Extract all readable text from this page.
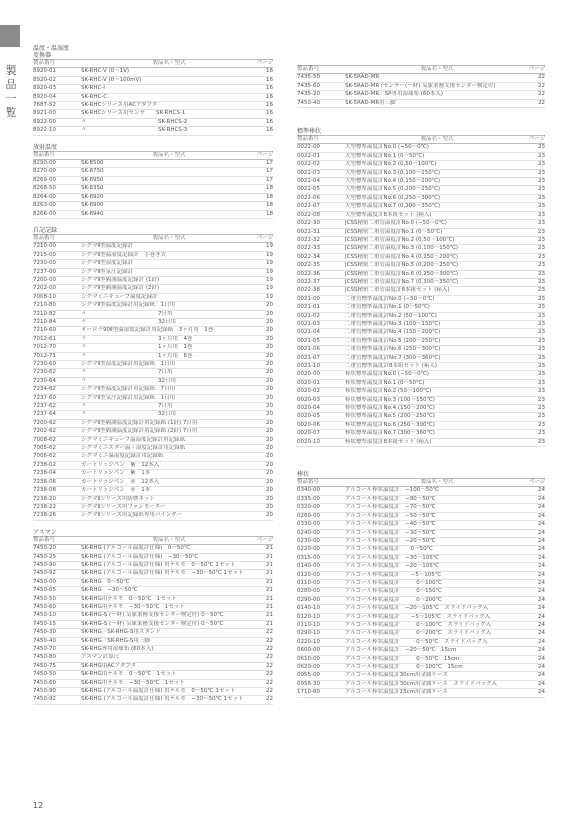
製
品
一
覧
温度・温湿度
変換器
製品番号	製品名・型式	ページ
8920-01	SK-RHC-V (0〜1V)	16
8920-02	SK-RHC-V (0〜100mV)	16
8920-03	SK-RHC-I	16
8920-04	SK-RHC-C	16
7687-52	SK-RHCシリーズ用ACアダプタ	16
8921-00	SK-RHCシリーズ用センサ　　SK-RHCS-1	16
8922-00	〃　　　　　　　　　　　　　SK-RHCS-2	16
8922-10	〃　　　　　　　　　　　　　SK-RHCS-3	16
放射温度
製品番号	製品名・型式	ページ
8290-00	SK-8500	17
8270-00	SK-8750	17
8269-00	SK-8950	17
8268-50	SK-8350	18
8264-00	SK-8920	18
8263-00	SK-8900	18
8266-00	SK-8940	18
自記記録
製品番号	製品名・型式	ページ
7210-00	シグマⅡ型温度記録計	19
7215-00	シグマⅡ型温湿度記録計　手巻き式	19
7230-00	シグマⅡ型湿度記録計	19
7237-00	シグマⅡ型気圧記録計	19
7200-00	シグマⅡ型隔測温度記録計 (1針)	19
7202-00	シグマⅡ型隔測温度記録計 (2針)	19
7008-10	シグマミニキューブ温度記録計	19
7210-80	シグマⅡ型温度記録計用記録紙　1日用	20
7210-82	〃　　　　　　　　　　　　　7日用	20
7210-84	〃　　　　　　　　　　　　　32日用	20
7210-60	オーロラ90Ⅱ型温湿度記録計用記録紙　3ヶ月用　1巻	20
7012-61	〃　　　　　　　　　　　　　3ヶ月用　4巻	20
7012-70	〃　　　　　　　　　　　　　1ヶ月用　1巻	20
7012-71	〃　　　　　　　　　　　　　1ヶ月用　6巻	20
7230-60	シグマⅡ型湿度記録計用記録紙　1日用	20
7230-62	〃　　　　　　　　　　　　　7日用	20
7230-64	〃　　　　　　　　　　　　　32日用	20
7234-62	シグマⅡ型温度記録計用記録紙　7日用	20
7237-60	シグマⅡ型気圧記録計用記録紙　1日用	20
7237-62	〃　　　　　　　　　　　　　7日用	20
7237-64	〃　　　　　　　　　　　　　32日用	20
7200-62	シグマⅡ型隔測温度記録計用記録紙 (1針) 7日用	20
7202-62	シグマⅡ型隔測温度記録計用記録紙 (2針) 7日用	20
7008-62	シグマミニキューブ温湿度記録計用記録紙	20
7005-62	シグマミニスター温・湿度記録計用記録紙	20
7006-62	シグマミニ温湿度記録計用記録紙	20
7238-02	カートリッジペン　紫　12本入	20
7238-04	カートリッジペン　紫　1本	20
7238-06	カートリッジペン　赤　12本入	20
7238-08	カートリッジペン　赤　1本	20
7238-20	シグマⅡシリーズ用防塵ネット	20
7238-22	シグマⅡシリーズ用ファンモーター	20
7238-26	シグマⅡシリーズ用記録紙専用バインダー	20
アスマン
製品番号	製品名・型式	ページ
7450-20	SK-RHG (アルコール温度計仕様)　0〜50℃	21
7450-25	SK-RHG (アルコール温度計仕様)　−30〜50℃	21
7450-90	SK-RHG (アルコール温度計仕様) 用テルモ　0〜50℃ 1セット	21
7450-92	SK-RHG (アルコール温度計仕様) 用テルモ　−30〜50℃ 1セット	21
7450-00	SK-RHG　0〜50℃	21
7450-05	SK-RHG　−30〜50℃	21
7450-50	SK-RHG用テルモ　0〜50℃　1セット	21
7450-60	SK-RHG用テルモ　−30〜50℃　1セット	21
7450-10	SK-RHG-S (一財) 気象業務支援センター検定付) 0〜50℃	21
7450-15	SK-RHG-S (一財) 気象業務支援センター検定付) 0〜50℃	21
7450-30	SK-RHG／SK-RHG-S用スタンド	22
7450-40	SK-RHG／SK-RHG-S用三脚	22
7450-70	SK-RHG専用湿球布 (60本入)	22
7450-80	アスマン計算尺	22
7450-75	SK-RHG用ACアダプタ	22
7450-50	SK-RHG用テルモ　0〜50℃　1セット	22
7450-60	SK-RHG用テルモ　−30〜50℃　1セット	22
7450-90	SK-RHG (アルコール温度計仕様) 用テルモ　0〜50℃ 1セット	22
7450-92	SK-RHG (アルコール温度計仕様) 用テルモ　−30〜50℃ 1セット	22
製品番号	製品名・型式	ページ
7435-50	SK-5RAD-MR	22
7435-60	SK-5RAD-MR (センサー(一財) 気象業務支援センター検定付)	22
7435-20	SK-5RAD-MR／SP専用湿球布 (60本入)	22
7450-40	SK-5RAD-MR用三脚	22
標準棒状
製品番号	製品名・型式	ページ
0022-00	大型標準温度計No.0 (−50〜0℃)	23
0022-01	大型標準温度計No.1 (0〜50℃)	23
0022-02	大型標準温度計No.2 (0,50〜100℃)	23
0022-03	大型標準温度計No.3 (0,100〜150℃)	23
0022-04	大型標準温度計No.4 (0,150〜200℃)	23
0022-05	大型標準温度計No.5 (0,200〜250℃)	23
0022-06	大型標準温度計No.6 (0,250〜300℃)	23
0022-07	大型標準温度計No.7 (0,300〜350℃)	23
0022-08	大型標準温度計8本組セット (箱入)	23
0022-30	JCSS精密二重管温度計No.0 (−50〜0℃)	23
0022-31	JCSS精密二重管温度計No.1 (0〜50℃)	23
0022-32	JCSS精密二重管温度計No.2 (0,50〜100℃)	23
0022-33	JCSS精密二重管温度計No.3 (0,100〜150℃)	23
0022-34	JCSS精密二重管温度計No.4 (0,150〜200℃)	23
0022-35	JCSS精密二重管温度計No.5 (0,200〜250℃)	23
0022-36	JCSS精密二重管温度計No.6 (0,250〜300℃)	23
0022-37	JCSS精密二重管温度計No.7 (0,300〜350℃)	23
0022-38	JCSS精密二重管温度計8本組セット (箱入)	23
0021-00	二重管標準温度計No.0 (−50〜0℃)	23
0021-01	二重管標準温度計No.1 (0〜50℃)	23
0021-02	二重管標準温度計No.2 (50〜100℃)	23
0021-03	二重管標準温度計No.3 (100〜150℃)	23
0021-04	二重管標準温度計No.4 (150〜200℃)	23
0021-05	二重管標準温度計No.5 (200〜250℃)	23
0021-06	二重管標準温度計No.6 (250〜300℃)	23
0021-07	二重管標準温度計No.7 (300〜360℃)	23
0021-10	二重管標準温度計8本組セット (箱入)	23
0020-00	棒状標準温度計No.0 (−50〜0℃)	23
0020-01	棒状標準温度計No.1 (0〜50℃)	23
0020-02	棒状標準温度計No.2 (50〜100℃)	23
0020-03	棒状標準温度計No.3 (100〜150℃)	23
0020-04	棒状標準温度計No.4 (150〜200℃)	23
0020-05	棒状標準温度計No.5 (200〜250℃)	23
0020-06	棒状標準温度計No.6 (250〜300℃)	23
0020-07	棒状標準温度計No.7 (300〜360℃)	23
0020-10	棒状標準温度計8本組セット (箱入)	23
棒状
製品番号	製品名・型式	ページ
0340-00	アルコール棒状温度計　−100〜50℃	24
0335-00	アルコール棒状温度計　−80〜50℃	24
0320-00	アルコール棒状温度計　−70〜50℃	24
0260-00	アルコール棒状温度計　−50〜50℃	24
0330-00	アルコール棒状温度計　−40〜50℃	24
0240-00	アルコール棒状温度計　−30〜50℃	24
0230-00	アルコール棒状温度計　−20〜50℃	24
0220-00	アルコール棒状温度計　　0〜50℃	24
0315-00	アルコール棒状温度計　−30〜105℃	24
0140-00	アルコール棒状温度計　−20〜105℃	24
0120-00	アルコール棒状温度計　　−5〜105℃	24
0110-00	アルコール棒状温度計　　　0〜100℃	24
0280-00	アルコール棒状温度計　　　0〜150℃	24
0290-00	アルコール棒状温度計　　　0〜200℃	24
0140-10	アルコール棒状温度計　−20〜105℃　スライドパック入	24
0120-10	アルコール棒状温度計　　−5〜105℃　スライドパック入	24
0110-10	アルコール棒状温度計　　　0〜100℃　スライドパック入	24
0290-10	アルコール棒状温度計　　　0〜200℃　スライドパック入	24
0220-10	アルコール棒状温度計　　　0〜50℃　スライドパック入	24
0600-00	アルコール棒状温度計　−20〜50℃　15cm	24
0610-00	アルコール棒状温度計　　　0〜50℃　15cm	24
0620-00	アルコール棒状温度計　　　0〜100℃　15cm	24
0955-00	アルコール棒状温度計30cm用金属ケース	24
0956-30	アルコール棒状温度計30cm用金属ケース　スライドパック入	24
1710-80	アルコール棒状温度計15cm用金属ケース	24
12
